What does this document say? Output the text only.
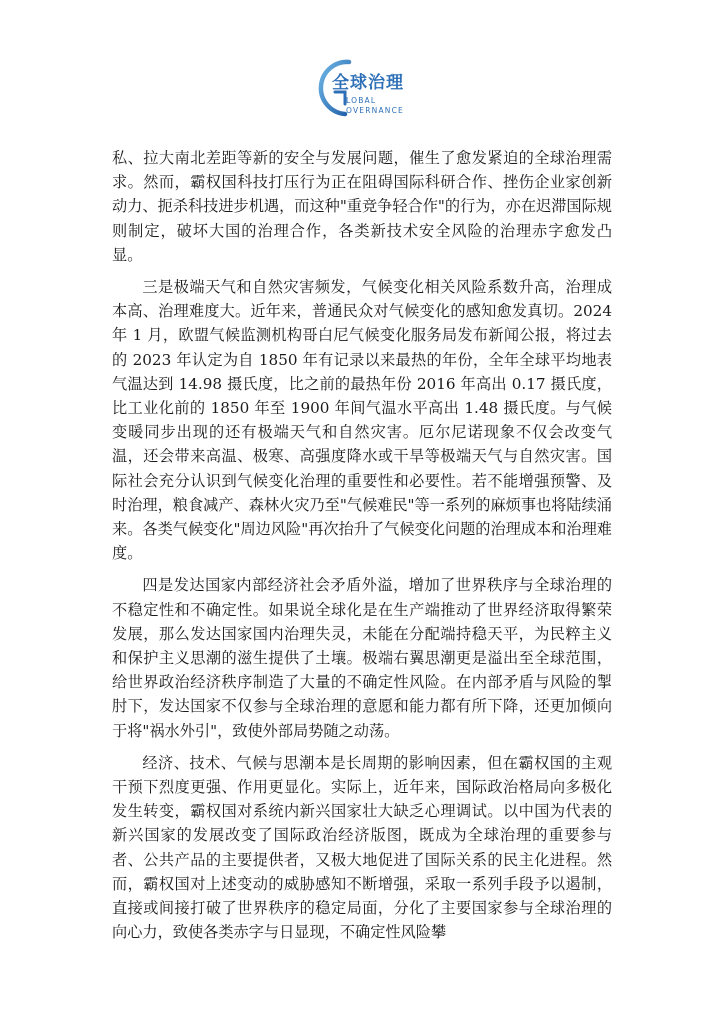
全球治理
LOBAL
OVERNANCE

私、拉大南北差距等新的安全与发展问题，催生了愈发紧迫的全球治理需求。然而，霸权国科技打压行为正在阻碍国际科研合作、挫伤企业家创新动力、扼杀科技进步机遇，而这种"重竞争轻合作"的行为，亦在迟滞国际规则制定，破坏大国的治理合作，各类新技术安全风险的治理赤字愈发凸显。

三是极端天气和自然灾害频发，气候变化相关风险系数升高，治理成本高、治理难度大。近年来，普通民众对气候变化的感知愈发真切。2024 年 1 月，欧盟气候监测机构哥白尼气候变化服务局发布新闻公报，将过去的 2023 年认定为自 1850 年有记录以来最热的年份，全年全球平均地表气温达到 14.98 摄氏度，比之前的最热年份 2016 年高出 0.17 摄氏度，比工业化前的 1850 年至 1900 年间气温水平高出 1.48 摄氏度。与气候变暖同步出现的还有极端天气和自然灾害。厄尔尼诺现象不仅会改变气温，还会带来高温、极寒、高强度降水或干旱等极端天气与自然灾害。国际社会充分认识到气候变化治理的重要性和必要性。若不能增强预警、及时治理，粮食减产、森林火灾乃至"气候难民"等一系列的麻烦事也将陆续涌来。各类气候变化"周边风险"再次抬升了气候变化问题的治理成本和治理难度。

四是发达国家内部经济社会矛盾外溢，增加了世界秩序与全球治理的不稳定性和不确定性。如果说全球化是在生产端推动了世界经济取得繁荣发展，那么发达国家国内治理失灵，未能在分配端持稳天平，为民粹主义和保护主义思潮的滋生提供了土壤。极端右翼思潮更是溢出至全球范围，给世界政治经济秩序制造了大量的不确定性风险。在内部矛盾与风险的掣肘下，发达国家不仅参与全球治理的意愿和能力都有所下降，还更加倾向于将"祸水外引"，致使外部局势随之动荡。

经济、技术、气候与思潮本是长周期的影响因素，但在霸权国的主观干预下烈度更强、作用更显化。实际上，近年来，国际政治格局向多极化发生转变，霸权国对系统内新兴国家壮大缺乏心理调试。以中国为代表的新兴国家的发展改变了国际政治经济版图，既成为全球治理的重要参与者、公共产品的主要提供者，又极大地促进了国际关系的民主化进程。然而，霸权国对上述变动的威胁感知不断增强，采取一系列手段予以遏制，直接或间接打破了世界秩序的稳定局面，分化了主要国家参与全球治理的向心力，致使各类赤字与日显现，不确定性风险攀
